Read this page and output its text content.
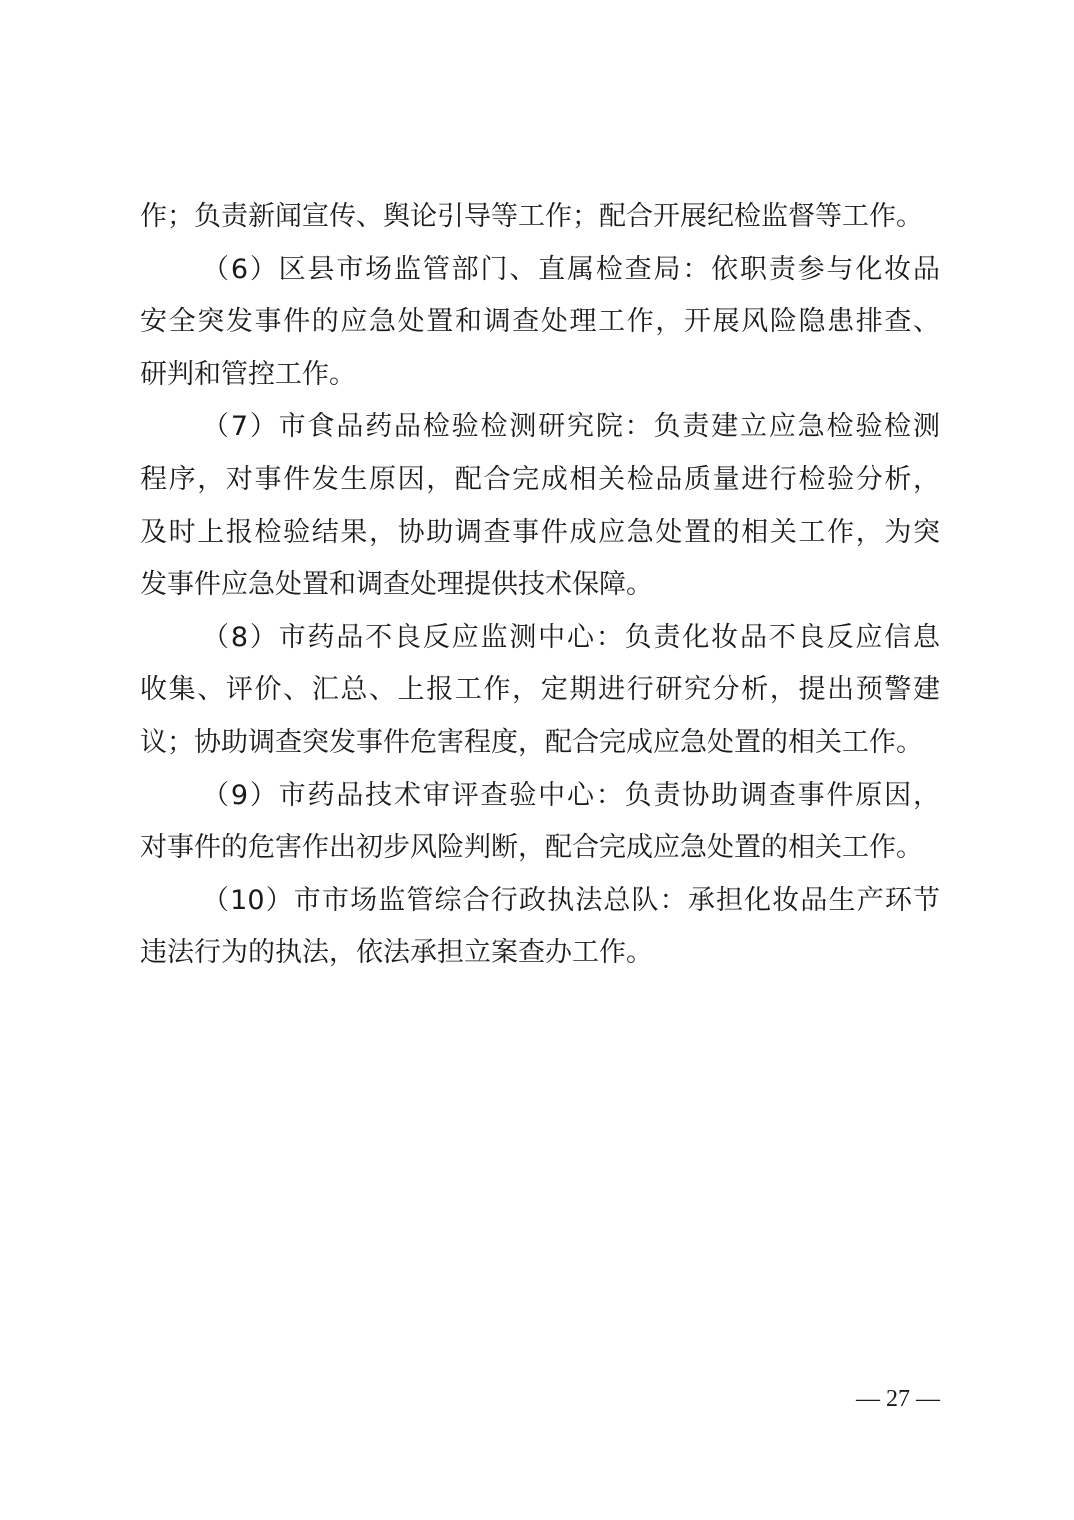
作；负责新闻宣传、舆论引导等工作；配合开展纪检监督等工作。

（6）区县市场监管部门、直属检查局：依职责参与化妆品
安全突发事件的应急处置和调查处理工作，开展风险隐患排查、
研判和管控工作。

（7）市食品药品检验检测研究院：负责建立应急检验检测
程序，对事件发生原因，配合完成相关检品质量进行检验分析，
及时上报检验结果，协助调查事件成应急处置的相关工作，为突
发事件应急处置和调查处理提供技术保障。

（8）市药品不良反应监测中心：负责化妆品不良反应信息
收集、评价、汇总、上报工作，定期进行研究分析，提出预警建
议；协助调查突发事件危害程度，配合完成应急处置的相关工作。

（9）市药品技术审评查验中心：负责协助调查事件原因，
对事件的危害作出初步风险判断，配合完成应急处置的相关工作。

（10）市市场监管综合行政执法总队：承担化妆品生产环节
违法行为的执法，依法承担立案查办工作。

— 27 —
